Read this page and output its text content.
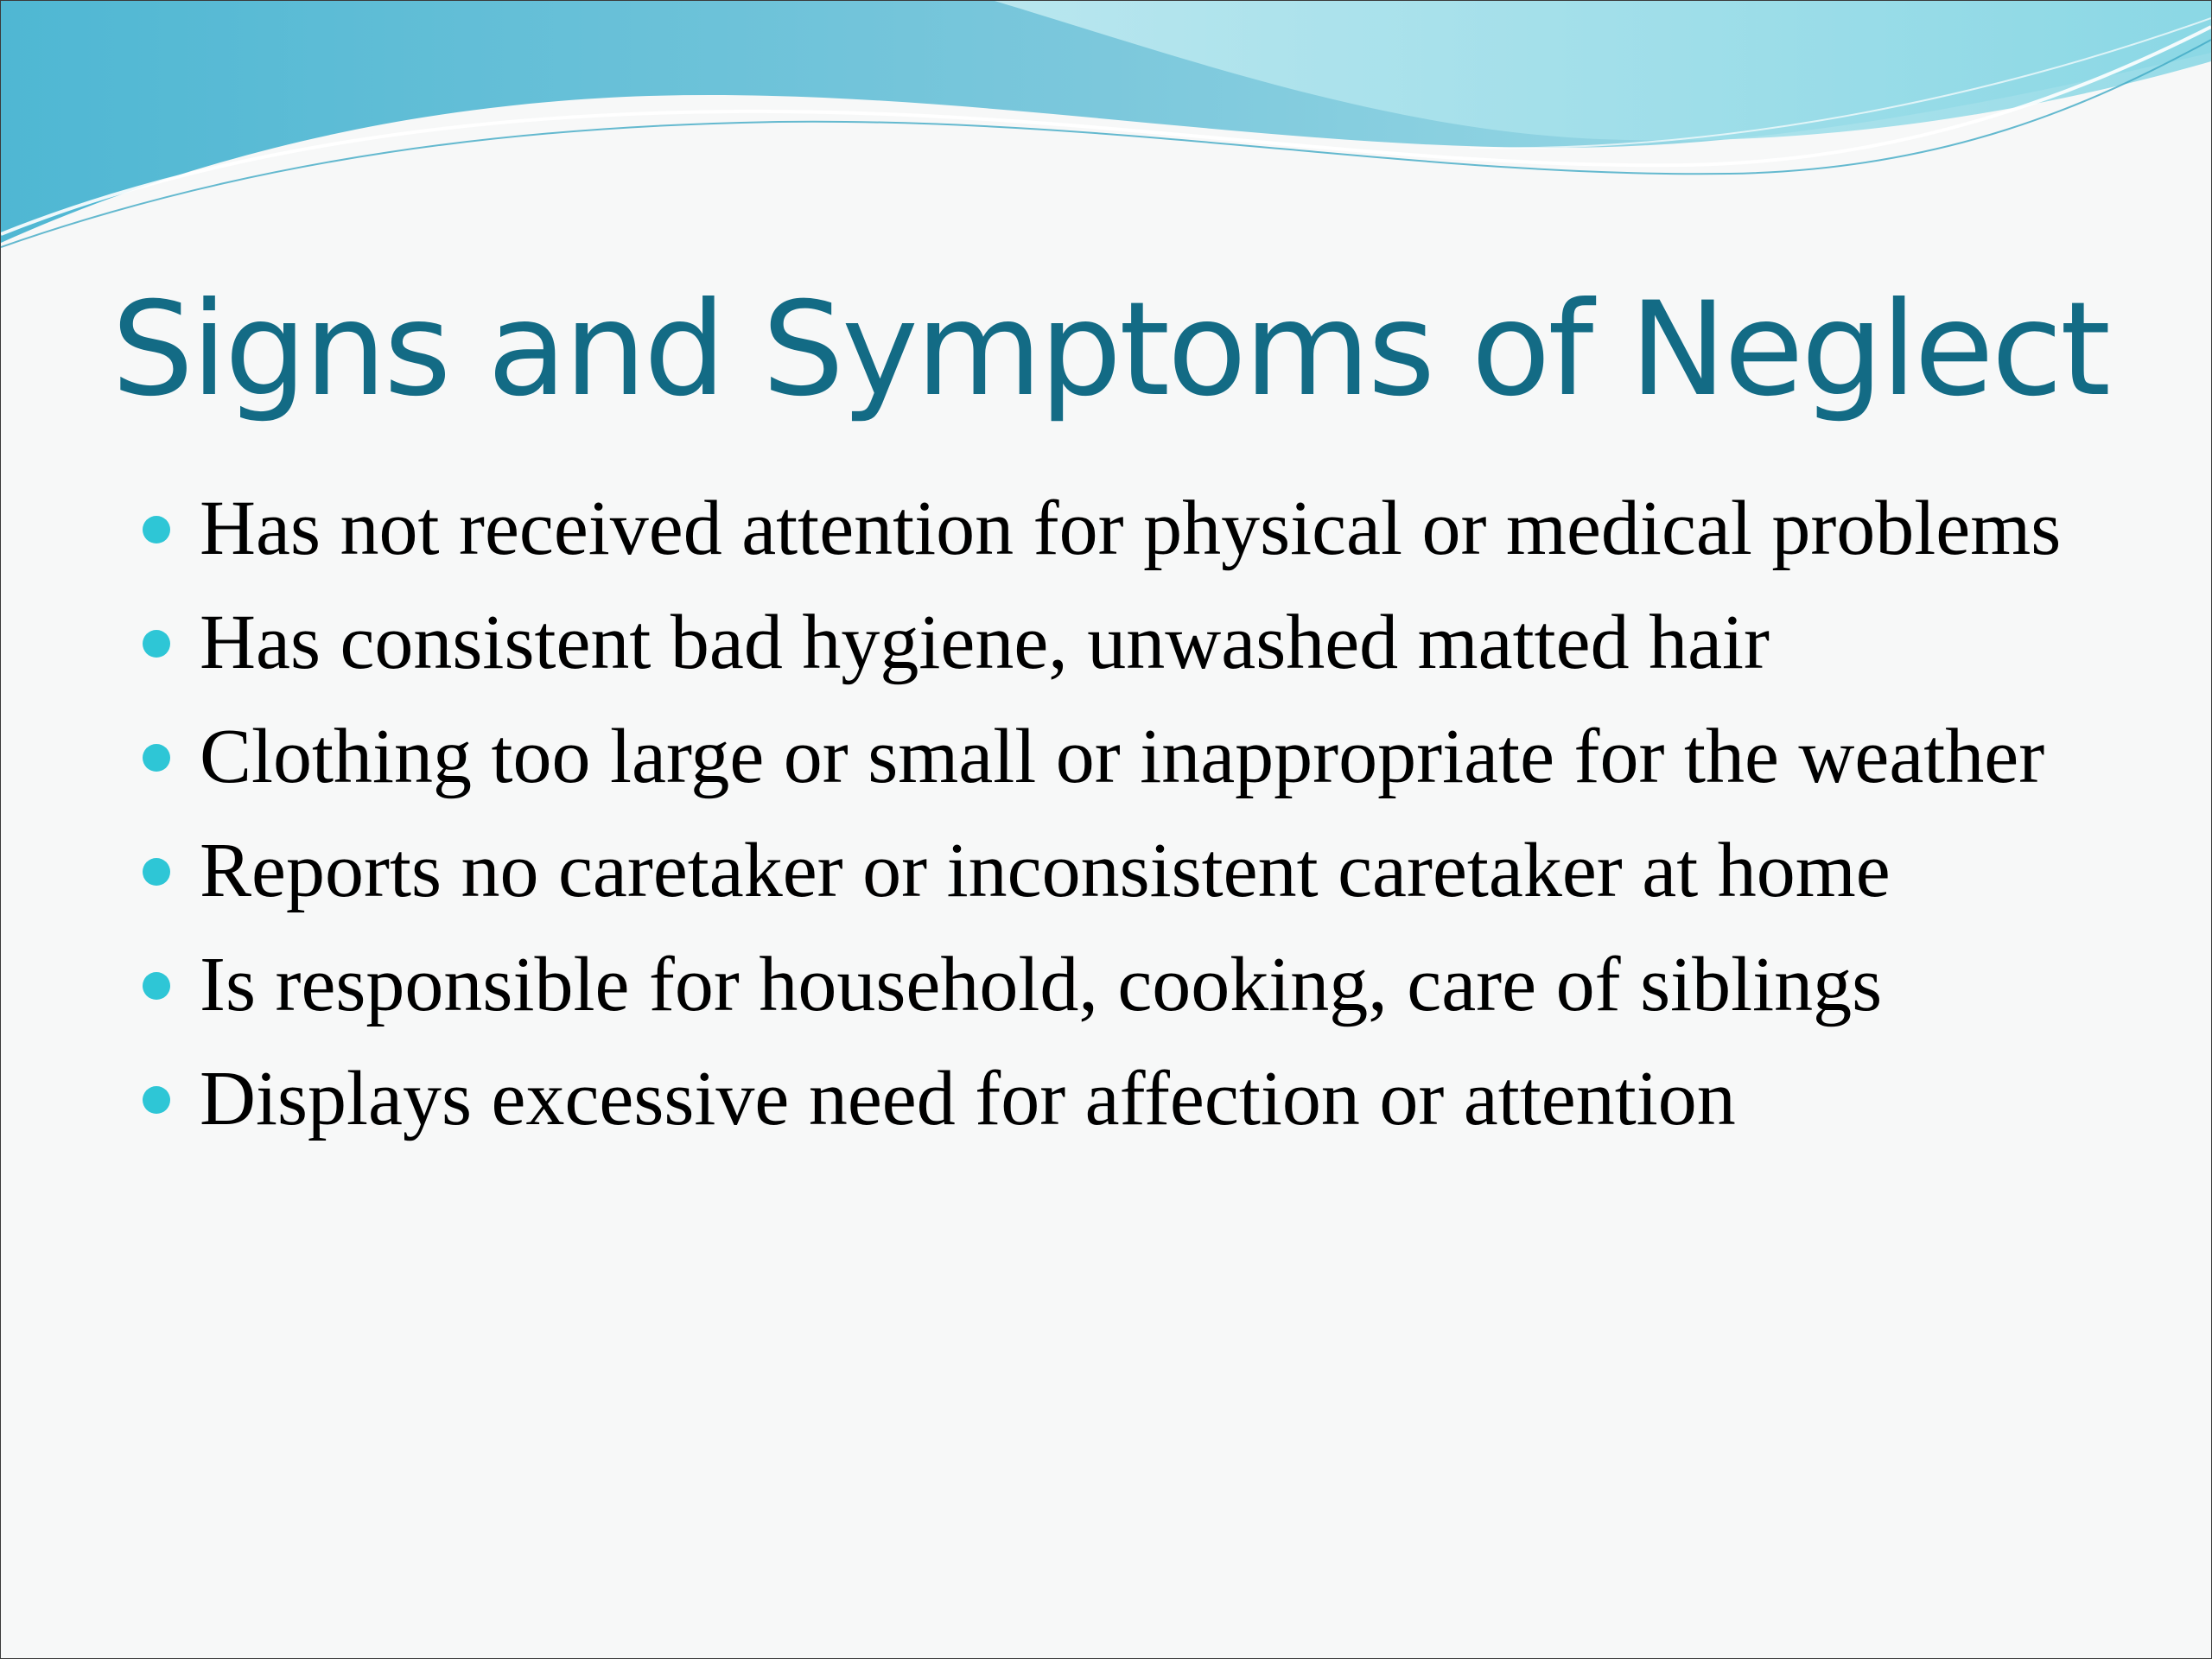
Signs and Symptoms of Neglect
Has not received attention for physical or medical problems
Has consistent bad hygiene, unwashed matted hair
Clothing too large or small or inappropriate for the weather
Reports no caretaker or inconsistent caretaker at home
Is responsible for household, cooking, care of siblings
Displays excessive need for affection or attention
